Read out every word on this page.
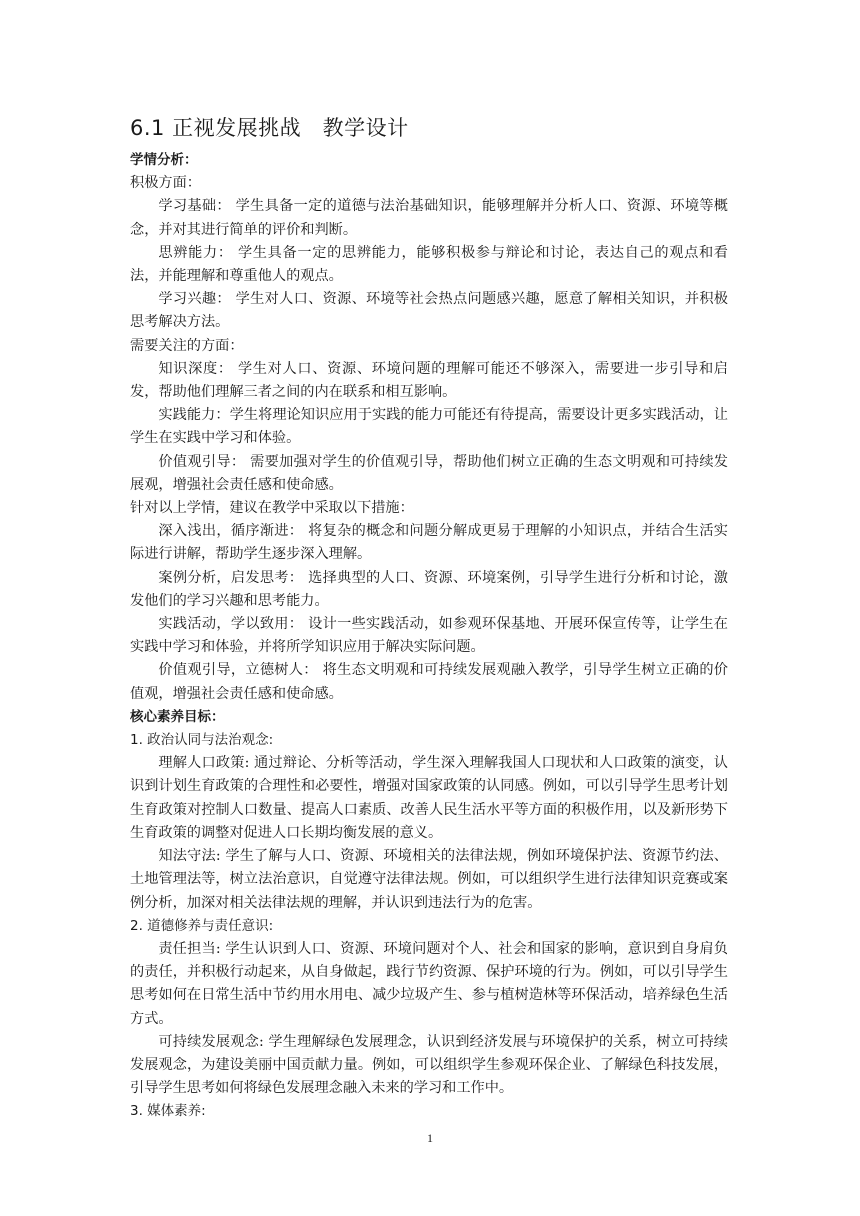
6.1 正视发展挑战　教学设计

学情分析：

积极方面：

学习基础： 学生具备一定的道德与法治基础知识，能够理解并分析人口、资源、环境等概念，并对其进行简单的评价和判断。

思辨能力： 学生具备一定的思辨能力，能够积极参与辩论和讨论，表达自己的观点和看法，并能理解和尊重他人的观点。

学习兴趣： 学生对人口、资源、环境等社会热点问题感兴趣，愿意了解相关知识，并积极思考解决方法。

需要关注的方面：

知识深度： 学生对人口、资源、环境问题的理解可能还不够深入，需要进一步引导和启发，帮助他们理解三者之间的内在联系和相互影响。

实践能力：学生将理论知识应用于实践的能力可能还有待提高，需要设计更多实践活动，让学生在实践中学习和体验。

价值观引导： 需要加强对学生的价值观引导，帮助他们树立正确的生态文明观和可持续发展观，增强社会责任感和使命感。

针对以上学情，建议在教学中采取以下措施：

深入浅出，循序渐进： 将复杂的概念和问题分解成更易于理解的小知识点，并结合生活实际进行讲解，帮助学生逐步深入理解。

案例分析，启发思考： 选择典型的人口、资源、环境案例，引导学生进行分析和讨论，激发他们的学习兴趣和思考能力。

实践活动，学以致用： 设计一些实践活动，如参观环保基地、开展环保宣传等，让学生在实践中学习和体验，并将所学知识应用于解决实际问题。

价值观引导，立德树人： 将生态文明观和可持续发展观融入教学，引导学生树立正确的价值观，增强社会责任感和使命感。

核心素养目标：

1. 政治认同与法治观念:

理解人口政策: 通过辩论、分析等活动，学生深入理解我国人口现状和人口政策的演变，认识到计划生育政策的合理性和必要性，增强对国家政策的认同感。例如，可以引导学生思考计划生育政策对控制人口数量、提高人口素质、改善人民生活水平等方面的积极作用，以及新形势下生育政策的调整对促进人口长期均衡发展的意义。

知法守法: 学生了解与人口、资源、环境相关的法律法规，例如环境保护法、资源节约法、土地管理法等，树立法治意识，自觉遵守法律法规。例如，可以组织学生进行法律知识竞赛或案例分析，加深对相关法律法规的理解，并认识到违法行为的危害。

2. 道德修养与责任意识:

责任担当: 学生认识到人口、资源、环境问题对个人、社会和国家的影响，意识到自身肩负的责任，并积极行动起来，从自身做起，践行节约资源、保护环境的行为。例如，可以引导学生思考如何在日常生活中节约用水用电、减少垃圾产生、参与植树造林等环保活动，培养绿色生活方式。

可持续发展观念: 学生理解绿色发展理念，认识到经济发展与环境保护的关系，树立可持续发展观念，为建设美丽中国贡献力量。例如，可以组织学生参观环保企业、了解绿色科技发展，引导学生思考如何将绿色发展理念融入未来的学习和工作中。

3. 媒体素养:

1
